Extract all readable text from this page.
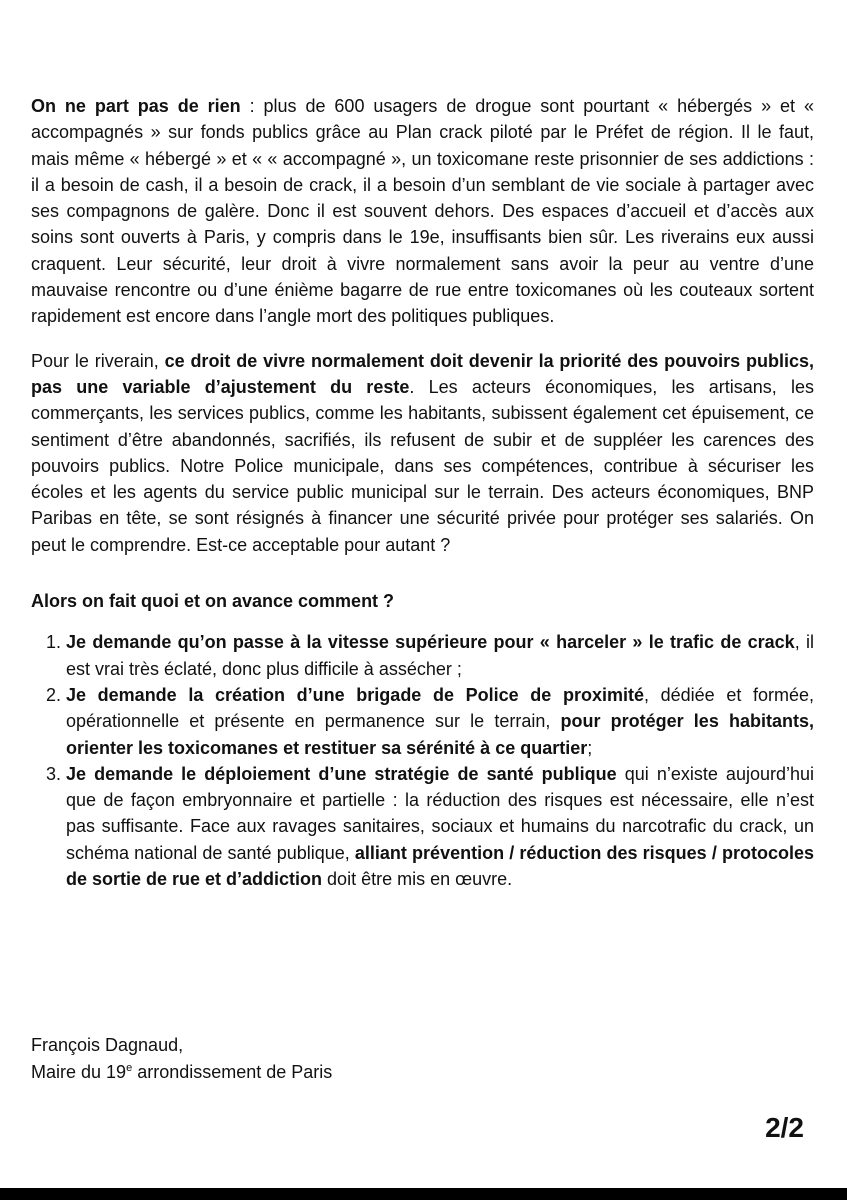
On ne part pas de rien : plus de 600 usagers de drogue sont pourtant « hébergés » et « accompagnés » sur fonds publics grâce au Plan crack piloté par le Préfet de région. Il le faut, mais même « hébergé » et « « accompagné », un toxicomane reste prisonnier de ses addictions : il a besoin de cash, il a besoin de crack, il a besoin d’un semblant de vie sociale à partager avec ses compagnons de galère. Donc il est souvent dehors. Des espaces d’accueil et d’accès aux soins sont ouverts à Paris, y compris dans le 19e, insuffisants bien sûr. Les riverains eux aussi craquent. Leur sécurité, leur droit à vivre normalement sans avoir la peur au ventre d’une mauvaise rencontre ou d’une énième bagarre de rue entre toxicomanes où les couteaux sortent rapidement est encore dans l’angle mort des politiques publiques.

Pour le riverain, ce droit de vivre normalement doit devenir la priorité des pouvoirs publics, pas une variable d’ajustement du reste. Les acteurs économiques, les artisans, les commerçants, les services publics, comme les habitants, subissent également cet épuisement, ce sentiment d’être abandonnés, sacrifiés, ils refusent de subir et de suppléer les carences des pouvoirs publics. Notre Police municipale, dans ses compétences, contribue à sécuriser les écoles et les agents du service public municipal sur le terrain. Des acteurs économiques, BNP Paribas en tête, se sont résignés à financer une sécurité privée pour protéger ses salariés. On peut le comprendre. Est-ce acceptable pour autant ?

Alors on fait quoi et on avance comment ?

1. Je demande qu’on passe à la vitesse supérieure pour « harceler » le trafic de crack, il est vrai très éclaté, donc plus difficile à assécher ;
2. Je demande la création d’une brigade de Police de proximité, dédiée et formée, opérationnelle et présente en permanence sur le terrain, pour protéger les habitants, orienter les toxicomanes et restituer sa sérénité à ce quartier;
3. Je demande le déploiement d’une stratégie de santé publique qui n’existe aujourd’hui que de façon embryonnaire et partielle : la réduction des risques est nécessaire, elle n’est pas suffisante. Face aux ravages sanitaires, sociaux et humains du narcotrafic du crack, un schéma national de santé publique, alliant prévention / réduction des risques / protocoles de sortie de rue et d’addiction doit être mis en œuvre.
François Dagnaud,
Maire du 19e arrondissement de Paris
2/2
